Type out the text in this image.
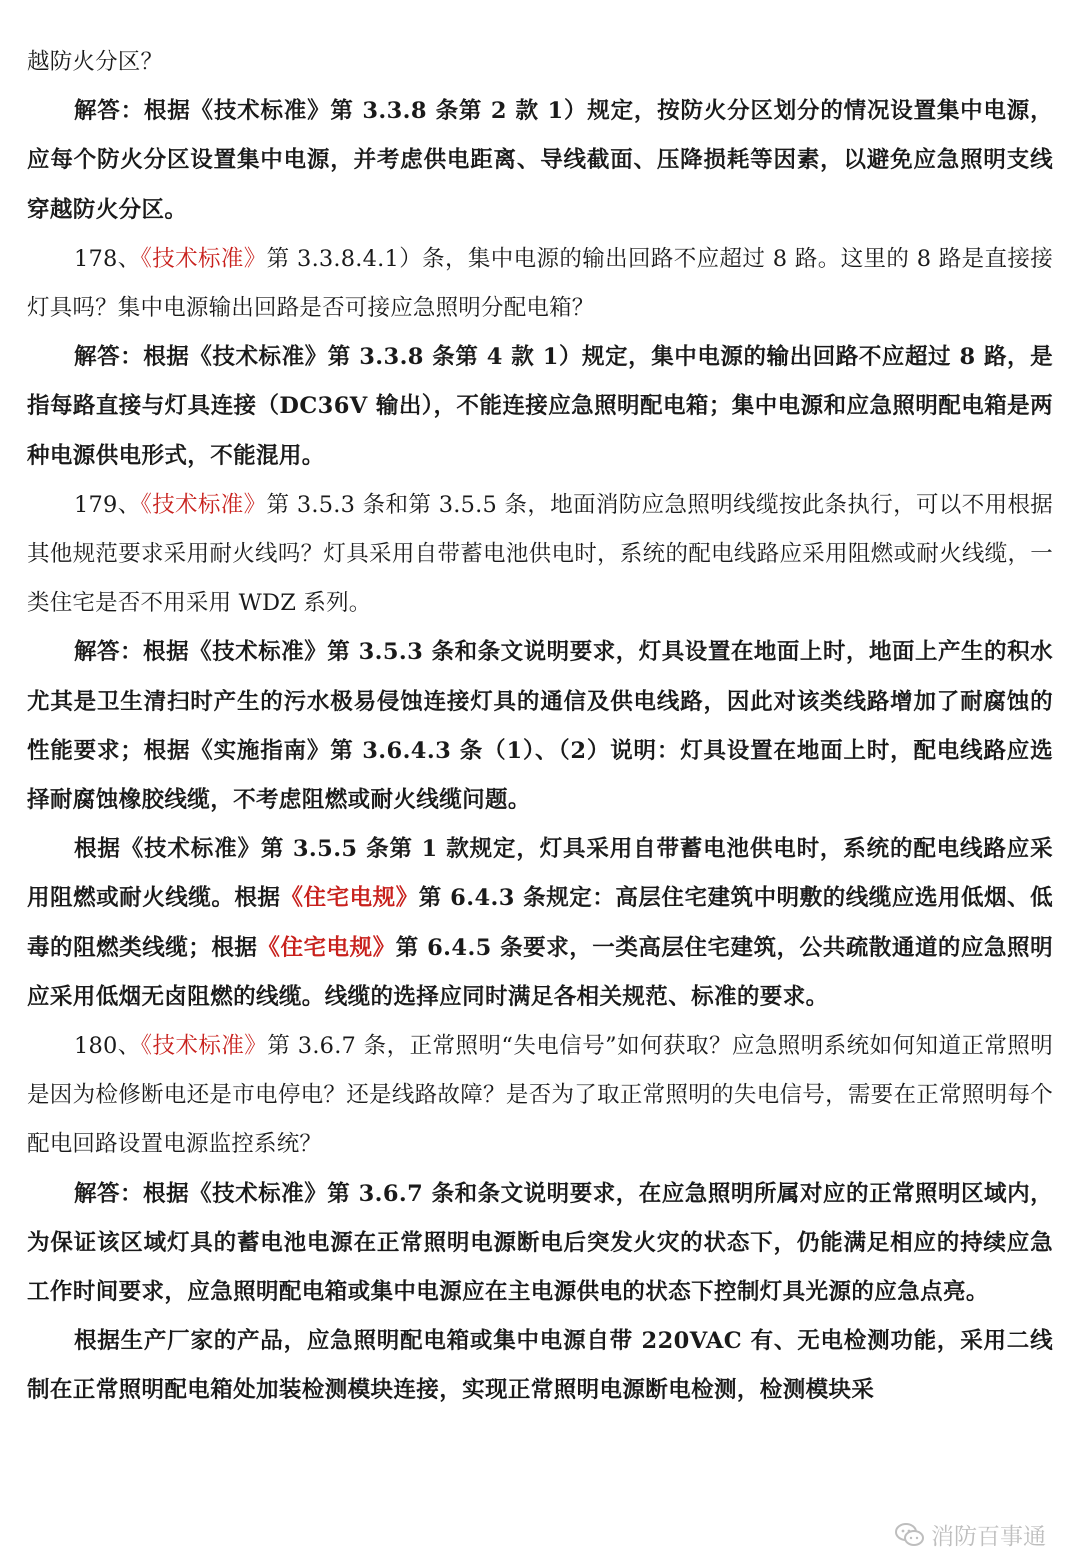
越防火分区？

解答：根据《技术标准》第 3.3.8 条第 2 款 1）规定，按防火分区划分的情况设置集中电源，应每个防火分区设置集中电源，并考虑供电距离、导线截面、压降损耗等因素，以避免应急照明支线穿越防火分区。

178、《技术标准》第 3.3.8.4.1）条，集中电源的输出回路不应超过 8 路。这里的 8 路是直接接灯具吗？集中电源输出回路是否可接应急照明分配电箱？

解答：根据《技术标准》第 3.3.8 条第 4 款 1）规定，集中电源的输出回路不应超过 8 路，是指每路直接与灯具连接（DC36V 输出），不能连接应急照明配电箱；集中电源和应急照明配电箱是两种电源供电形式，不能混用。

179、《技术标准》第 3.5.3 条和第 3.5.5 条，地面消防应急照明线缆按此条执行，可以不用根据其他规范要求采用耐火线吗？灯具采用自带蓄电池供电时，系统的配电线路应采用阻燃或耐火线缆，一类住宅是否不用采用 WDZ 系列。

解答：根据《技术标准》第 3.5.3 条和条文说明要求，灯具设置在地面上时，地面上产生的积水尤其是卫生清扫时产生的污水极易侵蚀连接灯具的通信及供电线路，因此对该类线路增加了耐腐蚀的性能要求；根据《实施指南》第 3.6.4.3 条（1）、（2）说明：灯具设置在地面上时，配电线路应选择耐腐蚀橡胶线缆，不考虑阻燃或耐火线缆问题。

根据《技术标准》第 3.5.5 条第 1 款规定，灯具采用自带蓄电池供电时，系统的配电线路应采用阻燃或耐火线缆。根据《住宅电规》第 6.4.3 条规定：高层住宅建筑中明敷的线缆应选用低烟、低毒的阻燃类线缆；根据《住宅电规》第 6.4.5 条要求，一类高层住宅建筑，公共疏散通道的应急照明应采用低烟无卤阻燃的线缆。线缆的选择应同时满足各相关规范、标准的要求。

180、《技术标准》第 3.6.7 条，正常照明“失电信号”如何获取？应急照明系统如何知道正常照明是因为检修断电还是市电停电？还是线路故障？是否为了取正常照明的失电信号，需要在正常照明每个配电回路设置电源监控系统？

解答：根据《技术标准》第 3.6.7 条和条文说明要求，在应急照明所属对应的正常照明区域内，为保证该区域灯具的蓄电池电源在正常照明电源断电后突发火灾的状态下，仍能满足相应的持续应急工作时间要求，应急照明配电箱或集中电源应在主电源供电的状态下控制灯具光源的应急点亮。

根据生产厂家的产品，应急照明配电箱或集中电源自带 220VAC 有、无电检测功能，采用二线制在正常照明配电箱处加装检测模块连接，实现正常照明电源断电检测，检测模块采

消防百事通
